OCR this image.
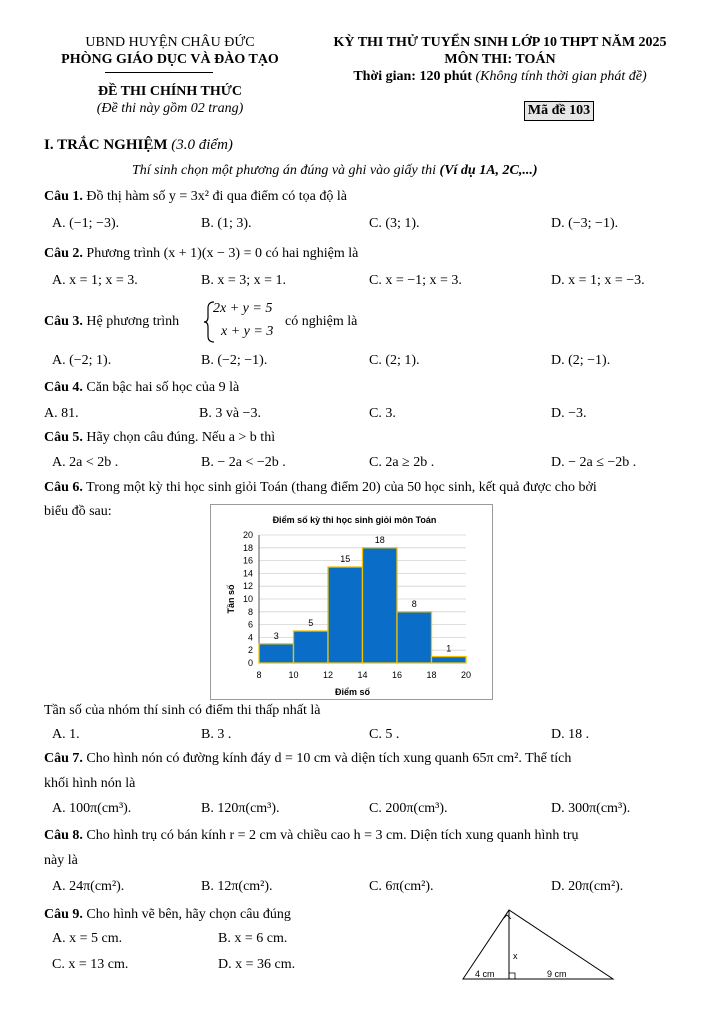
UBND HUYỆN CHÂU ĐỨC
PHÒNG GIÁO DỤC VÀ ĐÀO TẠO
ĐỀ THI CHÍNH THỨC
(Đề thi này gồm 02 trang)
KỲ THI THỬ TUYỂN SINH LỚP 10 THPT NĂM 2025
MÔN THI: TOÁN
Thời gian: 120 phút (Không tính thời gian phát đề)
Mã đề 103
I. TRẮC NGHIỆM (3.0 điểm)
Thí sinh chọn một phương án đúng và ghi vào giấy thi (Ví dụ 1A, 2C,...)
Câu 1. Đồ thị hàm số y = 3x² đi qua điểm có tọa độ là
A. (−1; −3).	B. (1; 3).	C. (3; 1).	D. (−3; −1).
Câu 2. Phương trình (x + 1)(x − 3) = 0 có hai nghiệm là
A. x = 1; x = 3.	B. x = 3; x = 1.	C. x = −1; x = 3.	D. x = 1; x = −3.
Câu 3. Hệ phương trình
2x + y = 5
x + y = 3
có nghiệm là
A. (−2; 1).	B. (−2; −1).	C. (2; 1).	D. (2; −1).
Câu 4. Căn bậc hai số học của 9 là
A. 81.	B. 3 và −3.	C. 3.	D. −3.
Câu 5. Hãy chọn câu đúng. Nếu a > b thì
A. 2a < 2b .	B. − 2a < −2b .	C. 2a ≥ 2b .	D. − 2a ≤ −2b .
Câu 6. Trong một kỳ thi học sinh giỏi Toán (thang điểm 20) của 50 học sinh, kết quả được cho bởi
biểu đồ sau:
Điểm số kỳ thi học sinh giỏi môn Toán
0
2
4
6
8
10
12
14
16
18
20
3
5
15
18
8
1
8	10	12	14	16	18	20
Điểm số
Tần số
Tần số của nhóm thí sinh có điểm thi thấp nhất là
A. 1.	B. 3 .	C. 5 .	D. 18 .
Câu 7. Cho hình nón có đường kính đáy d = 10 cm và diện tích xung quanh 65π cm². Thể tích
khối hình nón là
A. 100π(cm³).	B. 120π(cm³).	C. 200π(cm³).	D. 300π(cm³).
Câu 8. Cho hình trụ có bán kính r = 2 cm và chiều cao h = 3 cm. Diện tích xung quanh hình trụ
này là
A. 24π(cm²).	B. 12π(cm²).	C. 6π(cm²).	D. 20π(cm²).
Câu 9. Cho hình vẽ bên, hãy chọn câu đúng
A. x = 5 cm.	B. x = 6 cm.
C. x = 13 cm.	D. x = 36 cm.
x
4 cm	9 cm
